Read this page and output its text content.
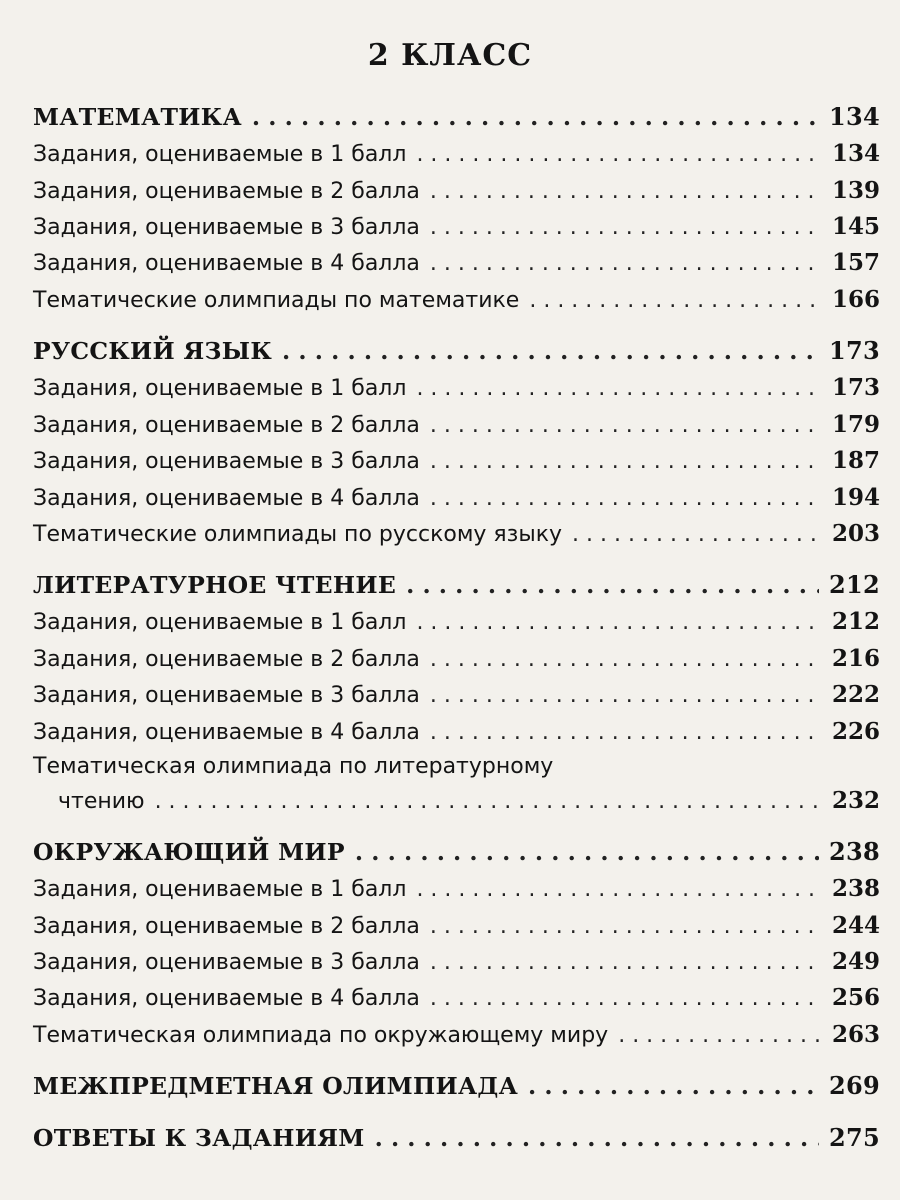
2 КЛАСС
МАТЕМАТИКА . . .	134
Задания, оцениваемые в 1 балл . . .	134
Задания, оцениваемые в 2 балла . . .	139
Задания, оцениваемые в 3 балла . . .	145
Задания, оцениваемые в 4 балла . . .	157
Тематические олимпиады по математике . . .	166
РУССКИЙ ЯЗЫК . . .	173
Задания, оцениваемые в 1 балл . . .	173
Задания, оцениваемые в 2 балла . . .	179
Задания, оцениваемые в 3 балла . . .	187
Задания, оцениваемые в 4 балла . . .	194
Тематические олимпиады по русскому языку . . .	203
ЛИТЕРАТУРНОЕ ЧТЕНИЕ . . .	212
Задания, оцениваемые в 1 балл . . .	212
Задания, оцениваемые в 2 балла . . .	216
Задания, оцениваемые в 3 балла . . .	222
Задания, оцениваемые в 4 балла . . .	226
Тематическая олимпиада по литературному
чтению . . .	232
ОКРУЖАЮЩИЙ МИР . . .	238
Задания, оцениваемые в 1 балл . . .	238
Задания, оцениваемые в 2 балла . . .	244
Задания, оцениваемые в 3 балла . . .	249
Задания, оцениваемые в 4 балла . . .	256
Тематическая олимпиада по окружающему миру . . .	263
МЕЖПРЕДМЕТНАЯ ОЛИМПИАДА . . .	269
ОТВЕТЫ К ЗАДАНИЯМ . . .	275
